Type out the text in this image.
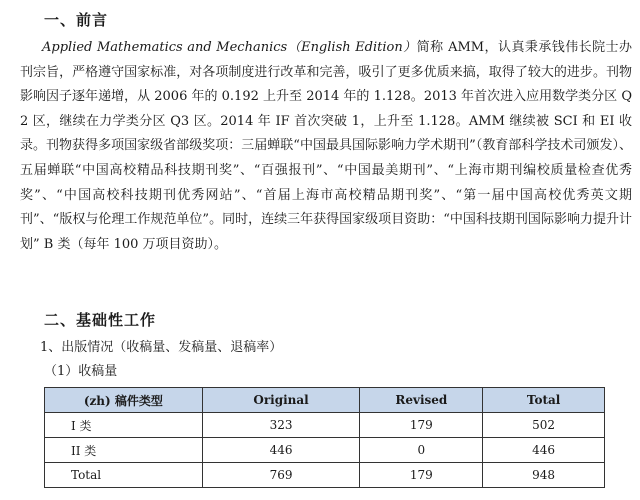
一、前言
Applied Mathematics and Mechanics（English Edition）简称 AMM，认真秉承钱伟长院士办刊宗旨，严格遵守国家标准，对各项制度进行改革和完善，吸引了更多优质来搞，取得了较大的进步。刊物影响因子逐年递增，从 2006 年的 0.192 上升至 2014 年的 1.128。2013 年首次进入应用数学类分区 Q2 区，继续在力学类分区 Q3 区。2014 年 IF 首次突破 1，上升至 1.128。AMM 继续被 SCI 和 EI 收录。刊物获得多项国家级省部级奖项：三届蝉联“中国最具国际影响力学术期刊”（教育部科学技术司颁发）、五届蝉联“中国高校精品科技期刊奖”、“百强报刊”、“中国最美期刊”、“上海市期刊编校质量检查优秀奖”、“中国高校科技期刊优秀网站”、“首届上海市高校精品期刊奖”、“第一届中国高校优秀英文期刊”、“版权与伦理工作规范单位”。同时，连续三年获得国家级项目资助：“中国科技期刊国际影响力提升计划” B 类（每年 100 万项目资助）。
二、基础性工作
1、出版情况（收稿量、发稿量、退稿率）
（1）收稿量
(zh) 稿件类型	Original	Revised	Total
I 类	323	179	502
II 类	446	0	446
Total	769	179	948
